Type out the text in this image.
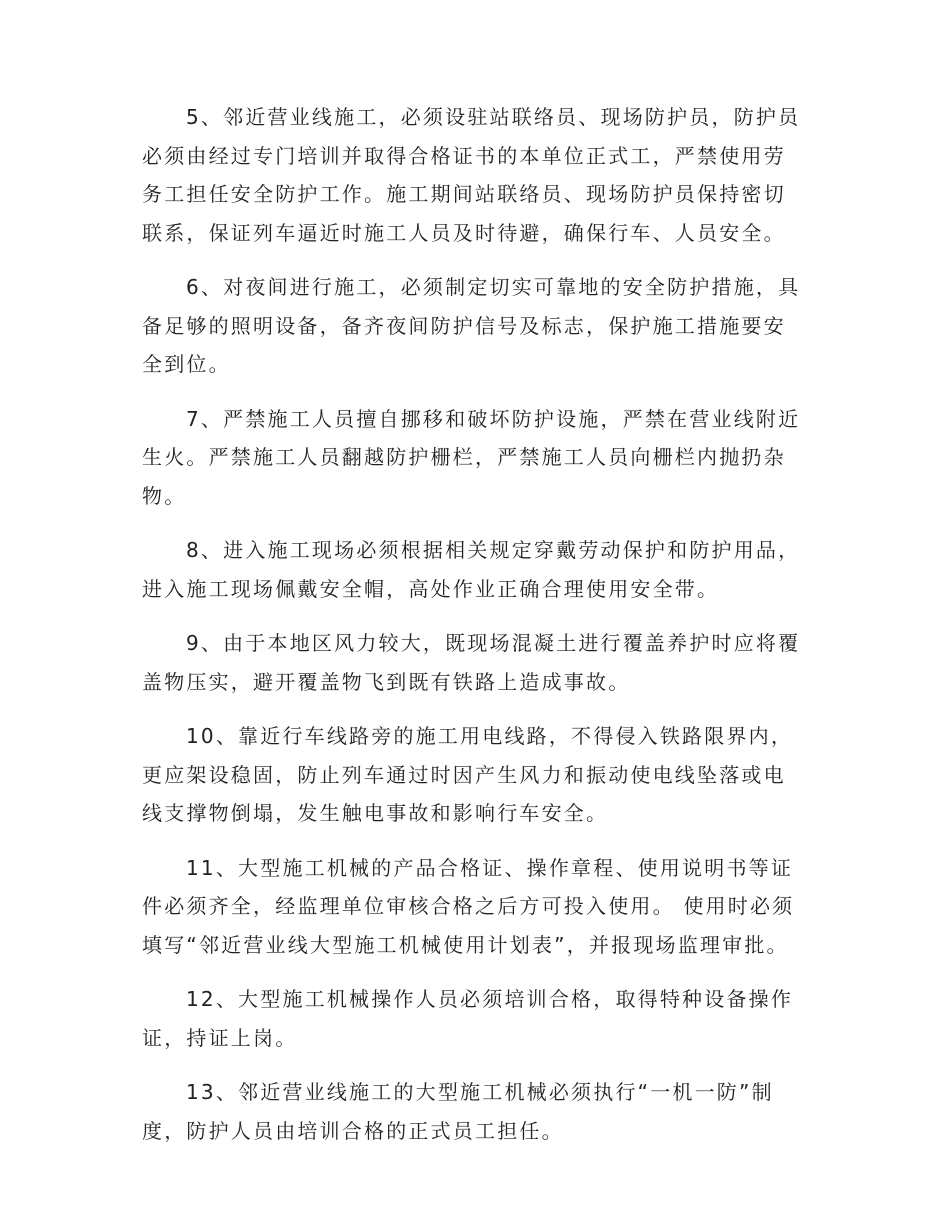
5、邻近营业线施工，必须设驻站联络员、现场防护员，防护员必须由经过专门培训并取得合格证书的本单位正式工，严禁使用劳务工担任安全防护工作。施工期间站联络员、现场防护员保持密切联系，保证列车逼近时施工人员及时待避，确保行车、人员安全。

6、对夜间进行施工，必须制定切实可靠地的安全防护措施，具备足够的照明设备，备齐夜间防护信号及标志，保护施工措施要安全到位。

7、严禁施工人员擅自挪移和破坏防护设施，严禁在营业线附近生火。严禁施工人员翻越防护栅栏，严禁施工人员向栅栏内抛扔杂物。

8、进入施工现场必须根据相关规定穿戴劳动保护和防护用品，进入施工现场佩戴安全帽，高处作业正确合理使用安全带。

9、由于本地区风力较大，既现场混凝土进行覆盖养护时应将覆盖物压实，避开覆盖物飞到既有铁路上造成事故。

10、靠近行车线路旁的施工用电线路，不得侵入铁路限界内，更应架设稳固，防止列车通过时因产生风力和振动使电线坠落或电线支撑物倒塌，发生触电事故和影响行车安全。

11、大型施工机械的产品合格证、操作章程、使用说明书等证件必须齐全，经监理单位审核合格之后方可投入使用。 使用时必须填写“邻近营业线大型施工机械使用计划表”，并报现场监理审批。

12、大型施工机械操作人员必须培训合格，取得特种设备操作证，持证上岗。

13、邻近营业线施工的大型施工机械必须执行“一机一防”制度，防护人员由培训合格的正式员工担任。
